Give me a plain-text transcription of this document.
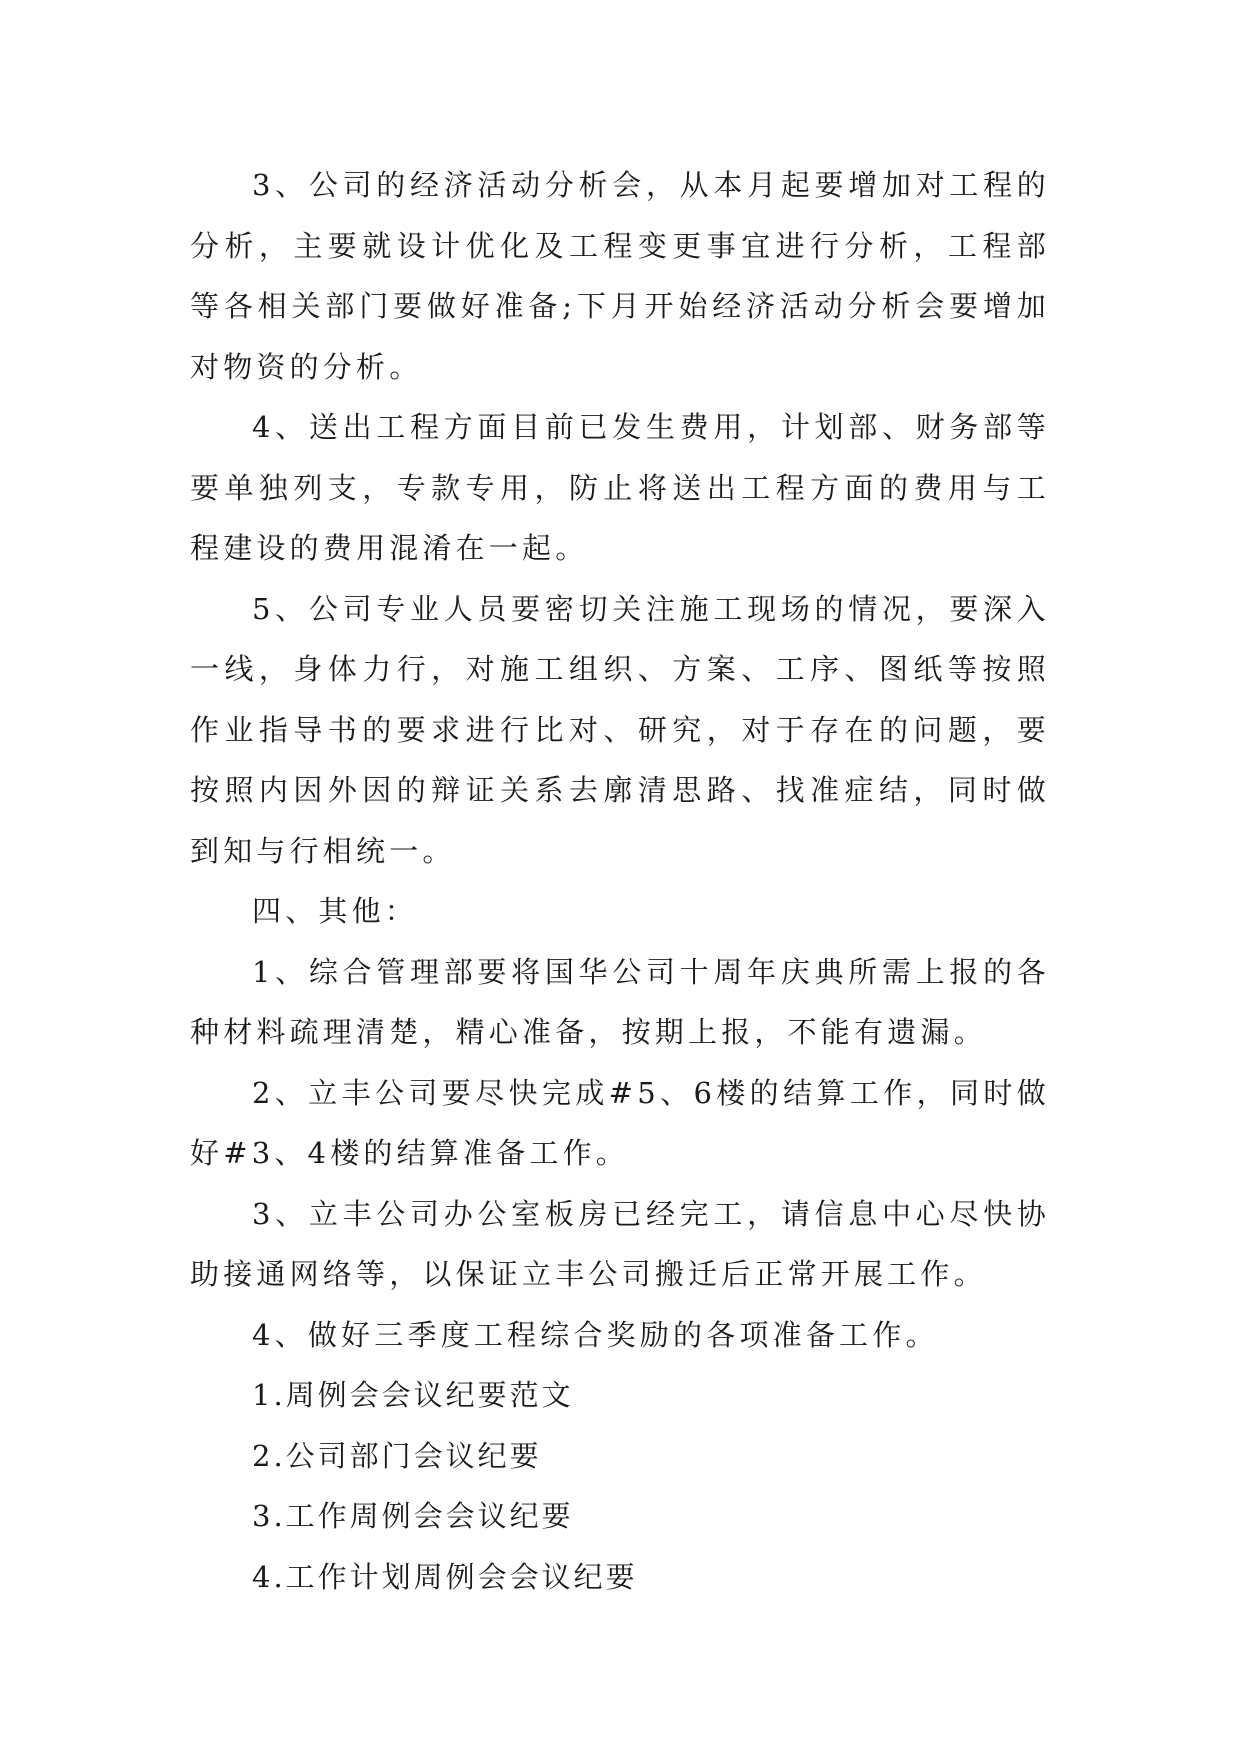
3、公司的经济活动分析会，从本月起要增加对工程的分析，主要就设计优化及工程变更事宜进行分析，工程部等各相关部门要做好准备;下月开始经济活动分析会要增加对物资的分析。

4、送出工程方面目前已发生费用，计划部、财务部等要单独列支，专款专用，防止将送出工程方面的费用与工程建设的费用混淆在一起。

5、公司专业人员要密切关注施工现场的情况，要深入一线，身体力行，对施工组织、方案、工序、图纸等按照作业指导书的要求进行比对、研究，对于存在的问题，要按照内因外因的辩证关系去廓清思路、找准症结，同时做到知与行相统一。

四、其他：

1、综合管理部要将国华公司十周年庆典所需上报的各种材料疏理清楚，精心准备，按期上报，不能有遗漏。

2、立丰公司要尽快完成#5、6楼的结算工作，同时做好#3、4楼的结算准备工作。

3、立丰公司办公室板房已经完工，请信息中心尽快协助接通网络等，以保证立丰公司搬迁后正常开展工作。

4、做好三季度工程综合奖励的各项准备工作。

1.周例会会议纪要范文

2.公司部门会议纪要

3.工作周例会会议纪要

4.工作计划周例会会议纪要
